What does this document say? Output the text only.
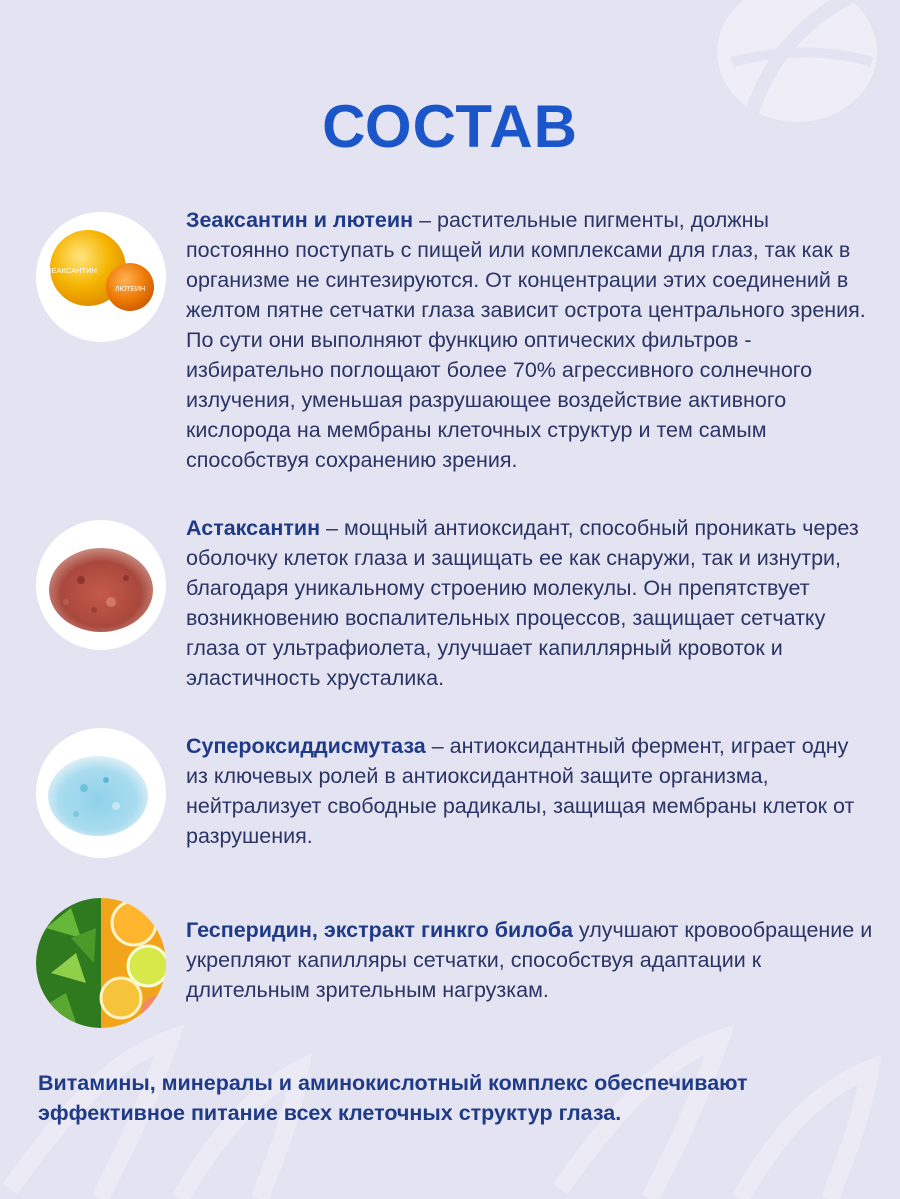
СОСТАВ
ЗЕАКСАНТИН
ЛЮТЕИН
Зеаксантин и лютеин – растительные пигменты, должны постоянно поступать с пищей или комплексами для глаз, так как в организме не синтезируются. От концентрации этих соединений в желтом пятне сетчатки глаза зависит острота центрального зрения. По сути они выполняют функцию оптических фильтров - избирательно поглощают более 70% агрессивного солнечного излучения, уменьшая разрушающее воздействие активного кислорода на мембраны клеточных структур и тем самым способствуя сохранению зрения.
Астаксантин – мощный антиоксидант, способный проникать через оболочку клеток глаза и защищать ее как снаружи, так и изнутри, благодаря уникальному строению молекулы. Он препятствует возникновению воспалительных процессов, защищает сетчатку глаза от ультрафиолета, улучшает капиллярный кровоток и эластичность хрусталика.
Супероксиддисмутаза – антиоксидантный фермент, играет одну из ключевых ролей в антиоксидантной защите организма, нейтрализует свободные радикалы, защищая мембраны клеток от разрушения.
Гесперидин, экстракт гинкго билоба улучшают кровообращение и укрепляют капилляры сетчатки, способствуя адаптации к длительным зрительным нагрузкам.
Витамины, минералы и аминокислотный комплекс обеспечивают эффективное питание всех клеточных структур глаза.
